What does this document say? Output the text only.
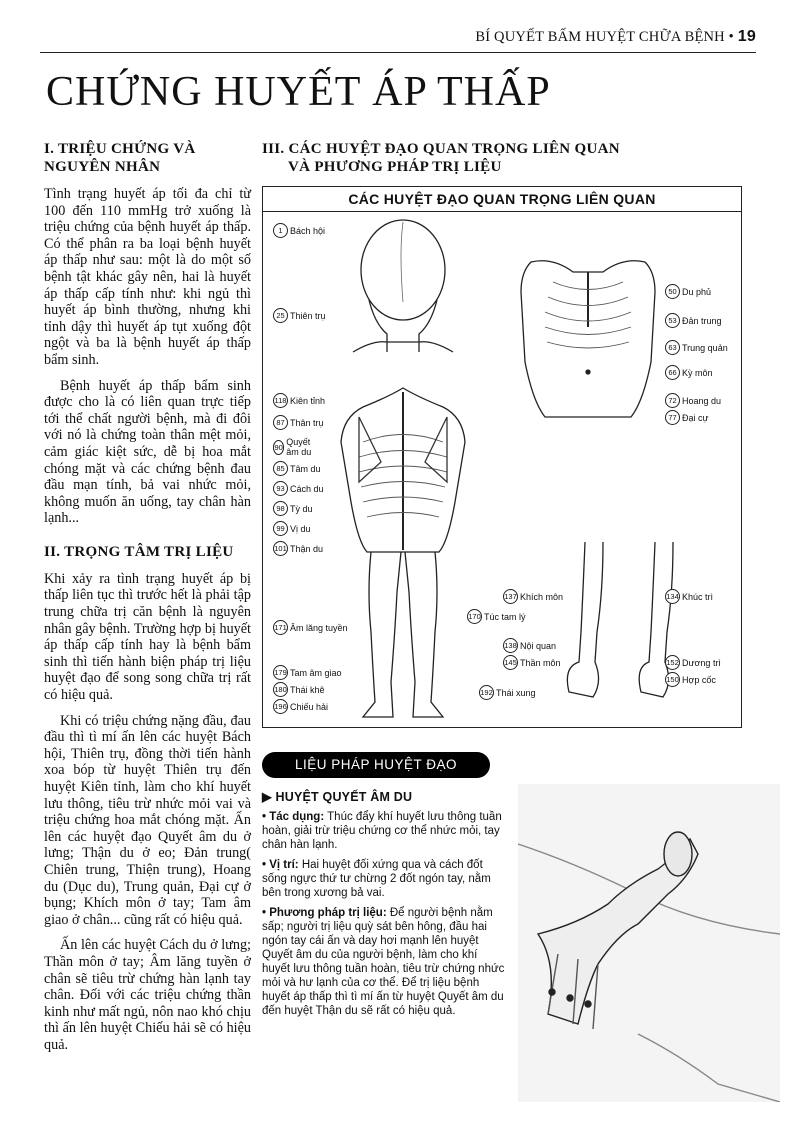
BÍ QUYẾT BẤM HUYỆT CHỮA BỆNH • 19
CHỨNG HUYẾT ÁP THẤP
I. TRIỆU CHỨNG VÀ NGUYÊN NHÂN

Tình trạng huyết áp tối đa chỉ từ 100 đến 110 mmHg trở xuống là triệu chứng của bệnh huyết áp thấp. Có thể phân ra ba loại bệnh huyết áp thấp như sau: một là do một số bệnh tật khác gây nên, hai là huyết áp thấp cấp tính như: khi ngủ thì huyết áp bình thường, nhưng khi tỉnh dậy thì huyết áp tụt xuống đột ngột và ba là bệnh huyết áp thấp bẩm sinh.

Bệnh huyết áp thấp bẩm sinh được cho là có liên quan trực tiếp tới thể chất người bệnh, mà đi đôi với nó là chứng toàn thân mệt mỏi, cảm giác kiệt sức, dễ bị hoa mắt chóng mặt và các chứng bệnh đau đầu mạn tính, bả vai nhức mỏi, không muốn ăn uống, tay chân hàn lạnh...

II. TRỌNG TÂM TRỊ LIỆU

Khi xảy ra tình trạng huyết áp bị thấp liên tục thì trước hết là phải tập trung chữa trị căn bệnh là nguyên nhân gây bệnh. Trường hợp bị huyết áp thấp cấp tính hay là bệnh bẩm sinh thì tiến hành biện pháp trị liệu huyệt đạo để song song chữa trị rất có hiệu quả.

Khi có triệu chứng nặng đầu, đau đầu thì tì mí ấn lên các huyệt Bách hội, Thiên trụ, đồng thời tiến hành xoa bóp từ huyệt Thiên trụ đến huyệt Kiên tỉnh, làm cho khí huyết lưu thông, tiêu trừ nhức mỏi vai và triệu chứng hoa mắt chóng mặt. Ấn lên các huyệt đạo Quyết âm du ở lưng; Thận du ở eo; Đản trung( Chiên trung, Thiện trung), Hoang du (Dục du), Trung quản, Đại cự ở bụng; Khích môn ở tay; Tam âm giao ở chân... cũng rất có hiệu quả.

Ấn lên các huyệt Cách du ở lưng; Thần môn ở tay; Âm lăng tuyền ở chân sẽ tiêu trừ chứng hàn lạnh tay chân. Đối với các triệu chứng thần kinh như mất ngủ, nôn nao khó chịu thì ấn lên huyệt Chiếu hải sẽ có hiệu quả.

III. CÁC HUYỆT ĐẠO QUAN TRỌNG LIÊN QUAN
VÀ PHƯƠNG PHÁP TRỊ LIỆU
CÁC HUYỆT ĐẠO QUAN TRỌNG LIÊN QUAN
1 Bách hội
25 Thiên trụ
118 Kiên tỉnh
87 Thân trụ
90 Quyết âm du
85 Tâm du
93 Cách du
98 Tỳ du
99 Vị du
101 Thận du
50 Du phủ
53 Đản trung
63 Trung quản
66 Kỳ môn
72 Hoang du
77 Đại cự
171 Âm lăng tuyền
170 Túc tam lý
179 Tam âm giao
180 Thái khê
196 Chiếu hải
192 Thái xung
137 Khích môn
138 Nội quan
145 Thần môn
134 Khúc trì
152 Dương trì
150 Hợp cốc
LIỆU PHÁP HUYỆT ĐẠO
▶ HUYỆT QUYẾT ÂM DU

• Tác dụng: Thúc đẩy khí huyết lưu thông tuần hoàn, giải trừ triệu chứng cơ thể nhức mỏi, tay chân hàn lạnh.

• Vị trí: Hai huyệt đối xứng qua và cách đốt sống ngực thứ tư chừng 2 đốt ngón tay, nằm bên trong xương bả vai.

• Phương pháp trị liệu: Để người bệnh nằm sấp; người trị liệu quỳ sát bên hông, đầu hai ngón tay cái ấn và day hơi mạnh lên huyệt Quyết âm du của người bệnh, làm cho khí huyết lưu thông tuần hoàn, tiêu trừ chứng nhức mỏi và hư lạnh của cơ thể. Để trị liệu bệnh huyết áp thấp thì tì mí ấn từ huyệt Quyết âm du đến huyệt Thận du sẽ rất có hiệu quả.
